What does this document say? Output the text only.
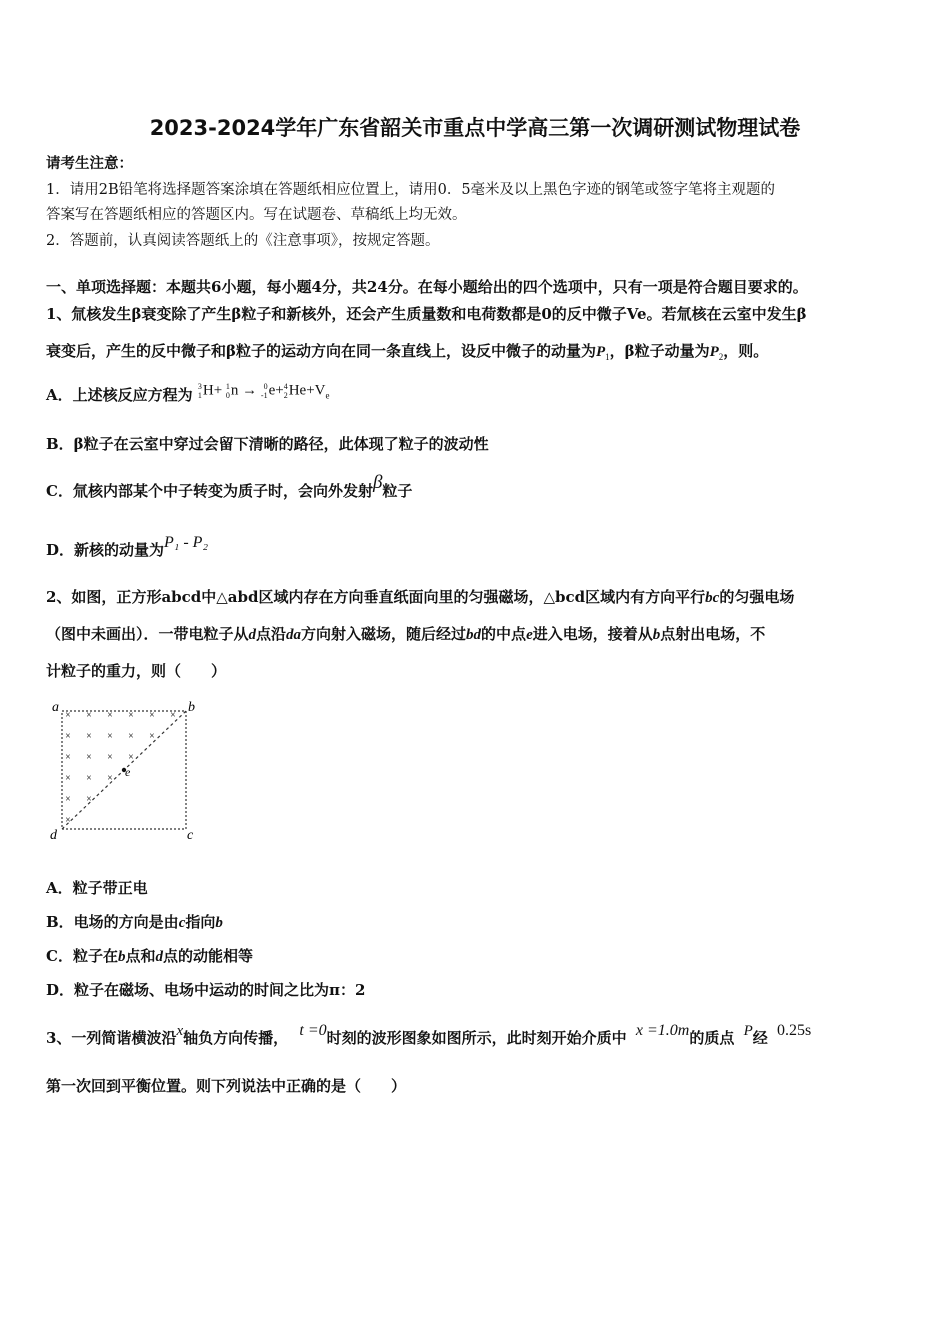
2023-2024学年广东省韶关市重点中学高三第一次调研测试物理试卷
请考生注意：
1．请用2B铅笔将选择题答案涂填在答题纸相应位置上，请用0．5毫米及以上黑色字迹的钢笔或签字笔将主观题的
答案写在答题纸相应的答题区内。写在试题卷、草稿纸上均无效。
2．答题前，认真阅读答题纸上的《注意事项》，按规定答题。
一、单项选择题：本题共6小题，每小题4分，共24分。在每小题给出的四个选项中，只有一项是符合题目要求的。
1、氚核发生β衰变除了产生β粒子和新核外，还会产生质量数和电荷数都是0的反中微子Ve。若氚核在云室中发生β
衰变后，产生的反中微子和β粒子的运动方向在同一条直线上，设反中微子的动量为$P_1$，β粒子动量为$P_2$，则。
A．上述核反应方程为 3
1H+ 1
0n → 0
-1e+4
$2He+V_e$
B．β粒子在云室中穿过会留下清晰的路径，此体现了粒子的波动性
C．氚核内部某个中子转变为质子时，会向外发射β粒子
D．新核的动量为P₁ - P₂
2、如图，正方形abcd中△abd区域内存在方向垂直纸面向里的匀强磁场，△bcd区域内有方向平行bc的匀强电场
（图中未画出）．一带电粒子从d点沿da方向射入磁场，随后经过bd的中点e进入电场，接着从b点射出电场，不
计粒子的重力，则（　　）
× × × × × ×
× × × × ×
× × × ×
× × ×
× ×
×
a	b
c
d
e
A．粒子带正电
B．电场的方向是由c指向b
C．粒子在b点和d点的动能相等
D．粒子在磁场、电场中运动的时间之比为π：2
3、一列简谐横波沿x轴负方向传播， t =0时刻的波形图象如图所示，此时刻开始介质中 x =1.0m的质点 P经 0.25s
第一次回到平衡位置。则下列说法中正确的是（　　）
